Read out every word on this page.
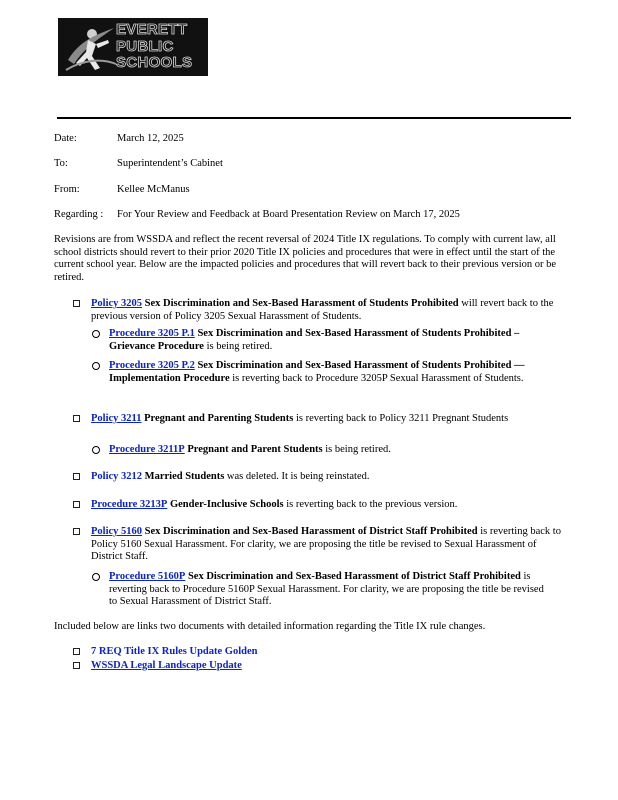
EVERETT
PUBLIC
SCHOOLS
Date:	March 12, 2025
To:	Superintendent’s Cabinet
From:	Kellee McManus
Regarding : For Your Review and Feedback at Board Presentation Review on March 17, 2025
Revisions are from WSSDA and reflect the recent reversal of 2024 Title IX regulations. To comply with current law, all school districts should revert to their prior 2020 Title IX policies and procedures that were in effect until the start of the current school year. Below are the impacted policies and procedures that will revert back to their previous version or be retired.
Policy 3205 Sex Discrimination and Sex-Based Harassment of Students Prohibited will revert back to the previous version of Policy 3205 Sexual Harassment of Students.
Procedure 3205 P.1 Sex Discrimination and Sex-Based Harassment of Students Prohibited –Grievance Procedure is being retired.
Procedure 3205 P.2 Sex Discrimination and Sex-Based Harassment of Students Prohibited —Implementation Procedure is reverting back to Procedure 3205P Sexual Harassment of Students.
Policy 3211 Pregnant and Parenting Students is reverting back to Policy 3211 Pregnant Students
Procedure 3211P Pregnant and Parent Students is being retired.
Policy 3212 Married Students was deleted. It is being reinstated.
Procedure 3213P Gender-Inclusive Schools is reverting back to the previous version.
Policy 5160 Sex Discrimination and Sex-Based Harassment of District Staff Prohibited is reverting back to Policy 5160 Sexual Harassment. For clarity, we are proposing the title be revised to Sexual Harassment of District Staff.
Procedure 5160P Sex Discrimination and Sex-Based Harassment of District Staff Prohibited is reverting back to Procedure 5160P Sexual Harassment. For clarity, we are proposing the title be revised to Sexual Harassment of District Staff.
Included below are links two documents with detailed information regarding the Title IX rule changes.
7 REQ Title IX Rules Update Golden
WSSDA Legal Landscape Update
